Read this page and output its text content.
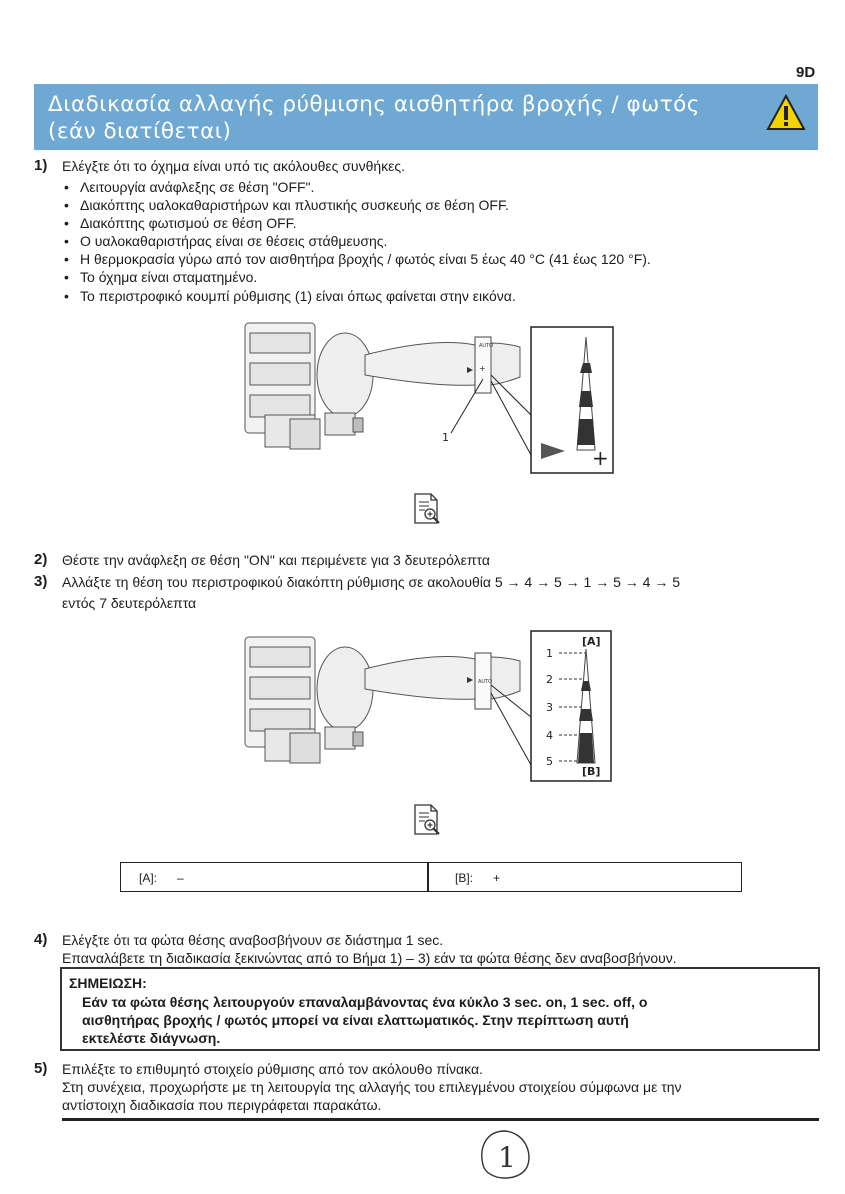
9D
Διαδικασία αλλαγής ρύθμισης αισθητήρα βροχής / φωτός
(εάν διατίθεται)
1) Ελέγξτε ότι το όχημα είναι υπό τις ακόλουθες συνθήκες.
• Λειτουργία ανάφλεξης σε θέση "OFF".
• Διακόπτης υαλοκαθαριστήρων και πλυστικής συσκευής σε θέση OFF.
• Διακόπτης φωτισμού σε θέση OFF.
• Ο υαλοκαθαριστήρας είναι σε θέσεις στάθμευσης.
• Η θερμοκρασία γύρω από τον αισθητήρα βροχής / φωτός είναι 5 έως 40 °C (41 έως 120 °F).
• Το όχημα είναι σταματημένο.
• Το περιστροφικό κουμπί ρύθμισης (1) είναι όπως φαίνεται στην εικόνα.
AUTO
+
1
+
2) Θέστε την ανάφλεξη σε θέση "ON" και περιμένετε για 3 δευτερόλεπτα
3) Αλλάξτε τη θέση του περιστροφικού διακόπτη ρύθμισης σε ακολουθία 5 → 4 → 5 → 1 → 5 → 4 → 5
εντός 7 δευτερόλεπτα
AUTO
[A]
[B]
1
2
3
4
5
[A]: –	[B]: +
4) Ελέγξτε ότι τα φώτα θέσης αναβοσβήνουν σε διάστημα 1 sec.
Επαναλάβετε τη διαδικασία ξεκινώντας από το Βήμα 1) – 3) εάν τα φώτα θέσης δεν αναβοσβήνουν.
ΣΗΜΕΙΩΣΗ:
Εάν τα φώτα θέσης λειτουργούν επαναλαμβάνοντας ένα κύκλο 3 sec. on, 1 sec. off, ο
αισθητήρας βροχής / φωτός μπορεί να είναι ελαττωματικός. Στην περίπτωση αυτή
εκτελέστε διάγνωση.
5) Επιλέξτε το επιθυμητό στοιχείο ρύθμισης από τον ακόλουθο πίνακα.
Στη συνέχεια, προχωρήστε με τη λειτουργία της αλλαγής του επιλεγμένου στοιχείου σύμφωνα με την
αντίστοιχη διαδικασία που περιγράφεται παρακάτω.
1
